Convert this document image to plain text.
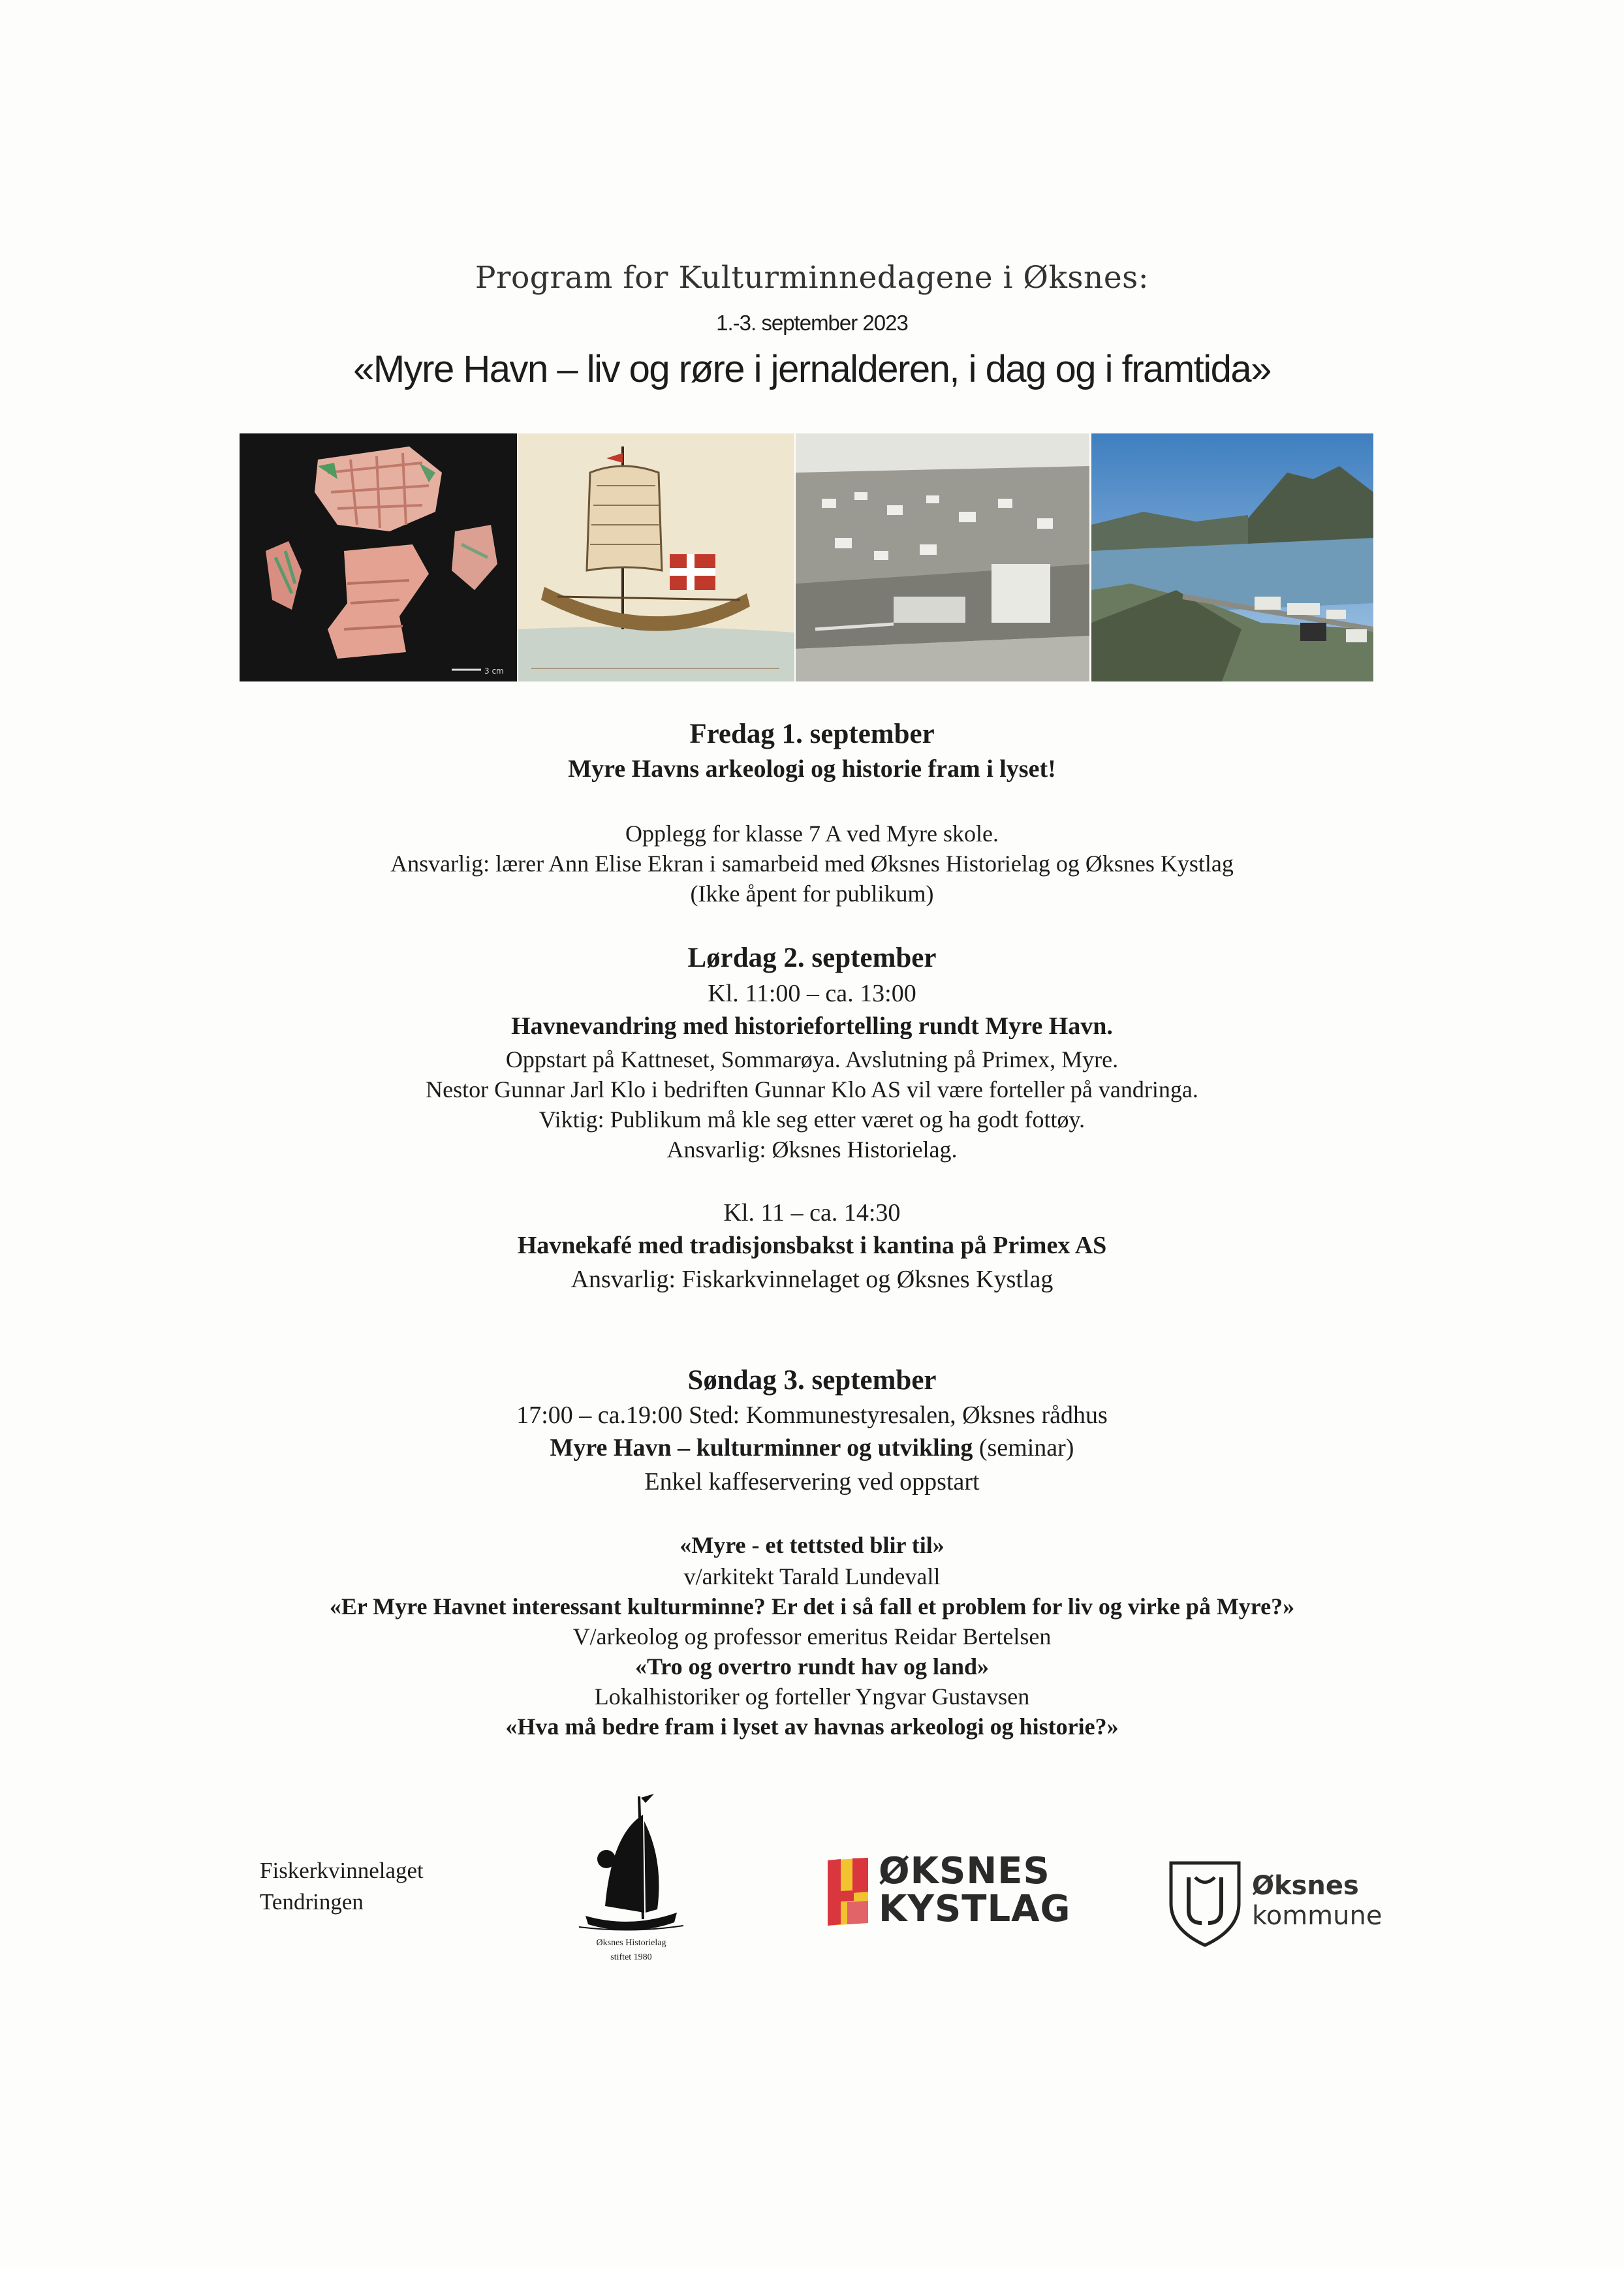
Program for Kulturminnedagene i Øksnes:
1.-3. september 2023
«Myre Havn – liv og røre i jernalderen, i dag og i framtida»
3 cm
Fredag 1. september
Myre Havns arkeologi og historie fram i lyset!
Opplegg for klasse 7 A ved Myre skole.
Ansvarlig: lærer Ann Elise Ekran i samarbeid med Øksnes Historielag og Øksnes Kystlag
(Ikke åpent for publikum)
Lørdag 2. september
Kl. 11:00 – ca. 13:00
Havnevandring med historiefortelling rundt Myre Havn.
Oppstart på Kattneset, Sommarøya. Avslutning på Primex, Myre.
Nestor Gunnar Jarl Klo i bedriften Gunnar Klo AS vil være forteller på vandringa.
Viktig: Publikum må kle seg etter været og ha godt fottøy.
Ansvarlig: Øksnes Historielag.
Kl. 11 – ca. 14:30
Havnekafé med tradisjonsbakst i kantina på Primex AS
Ansvarlig: Fiskarkvinnelaget og Øksnes Kystlag
Søndag 3. september
17:00 – ca.19:00 Sted: Kommunestyresalen, Øksnes rådhus
Myre Havn – kulturminner og utvikling (seminar)
Enkel kaffeservering ved oppstart
«Myre - et tettsted blir til»
v/arkitekt Tarald Lundevall
«Er Myre Havnet interessant kulturminne? Er det i så fall et problem for liv og virke på Myre?»
V/arkeolog og professor emeritus Reidar Bertelsen
«Tro og overtro rundt hav og land»
Lokalhistoriker og forteller Yngvar Gustavsen
«Hva må bedre fram i lyset av havnas arkeologi og historie?»
Fiskerkvinnelaget
Tendringen
Øksnes Historielag
stiftet 1980
ØKSNES
KYSTLAG
Øksnes
kommune
